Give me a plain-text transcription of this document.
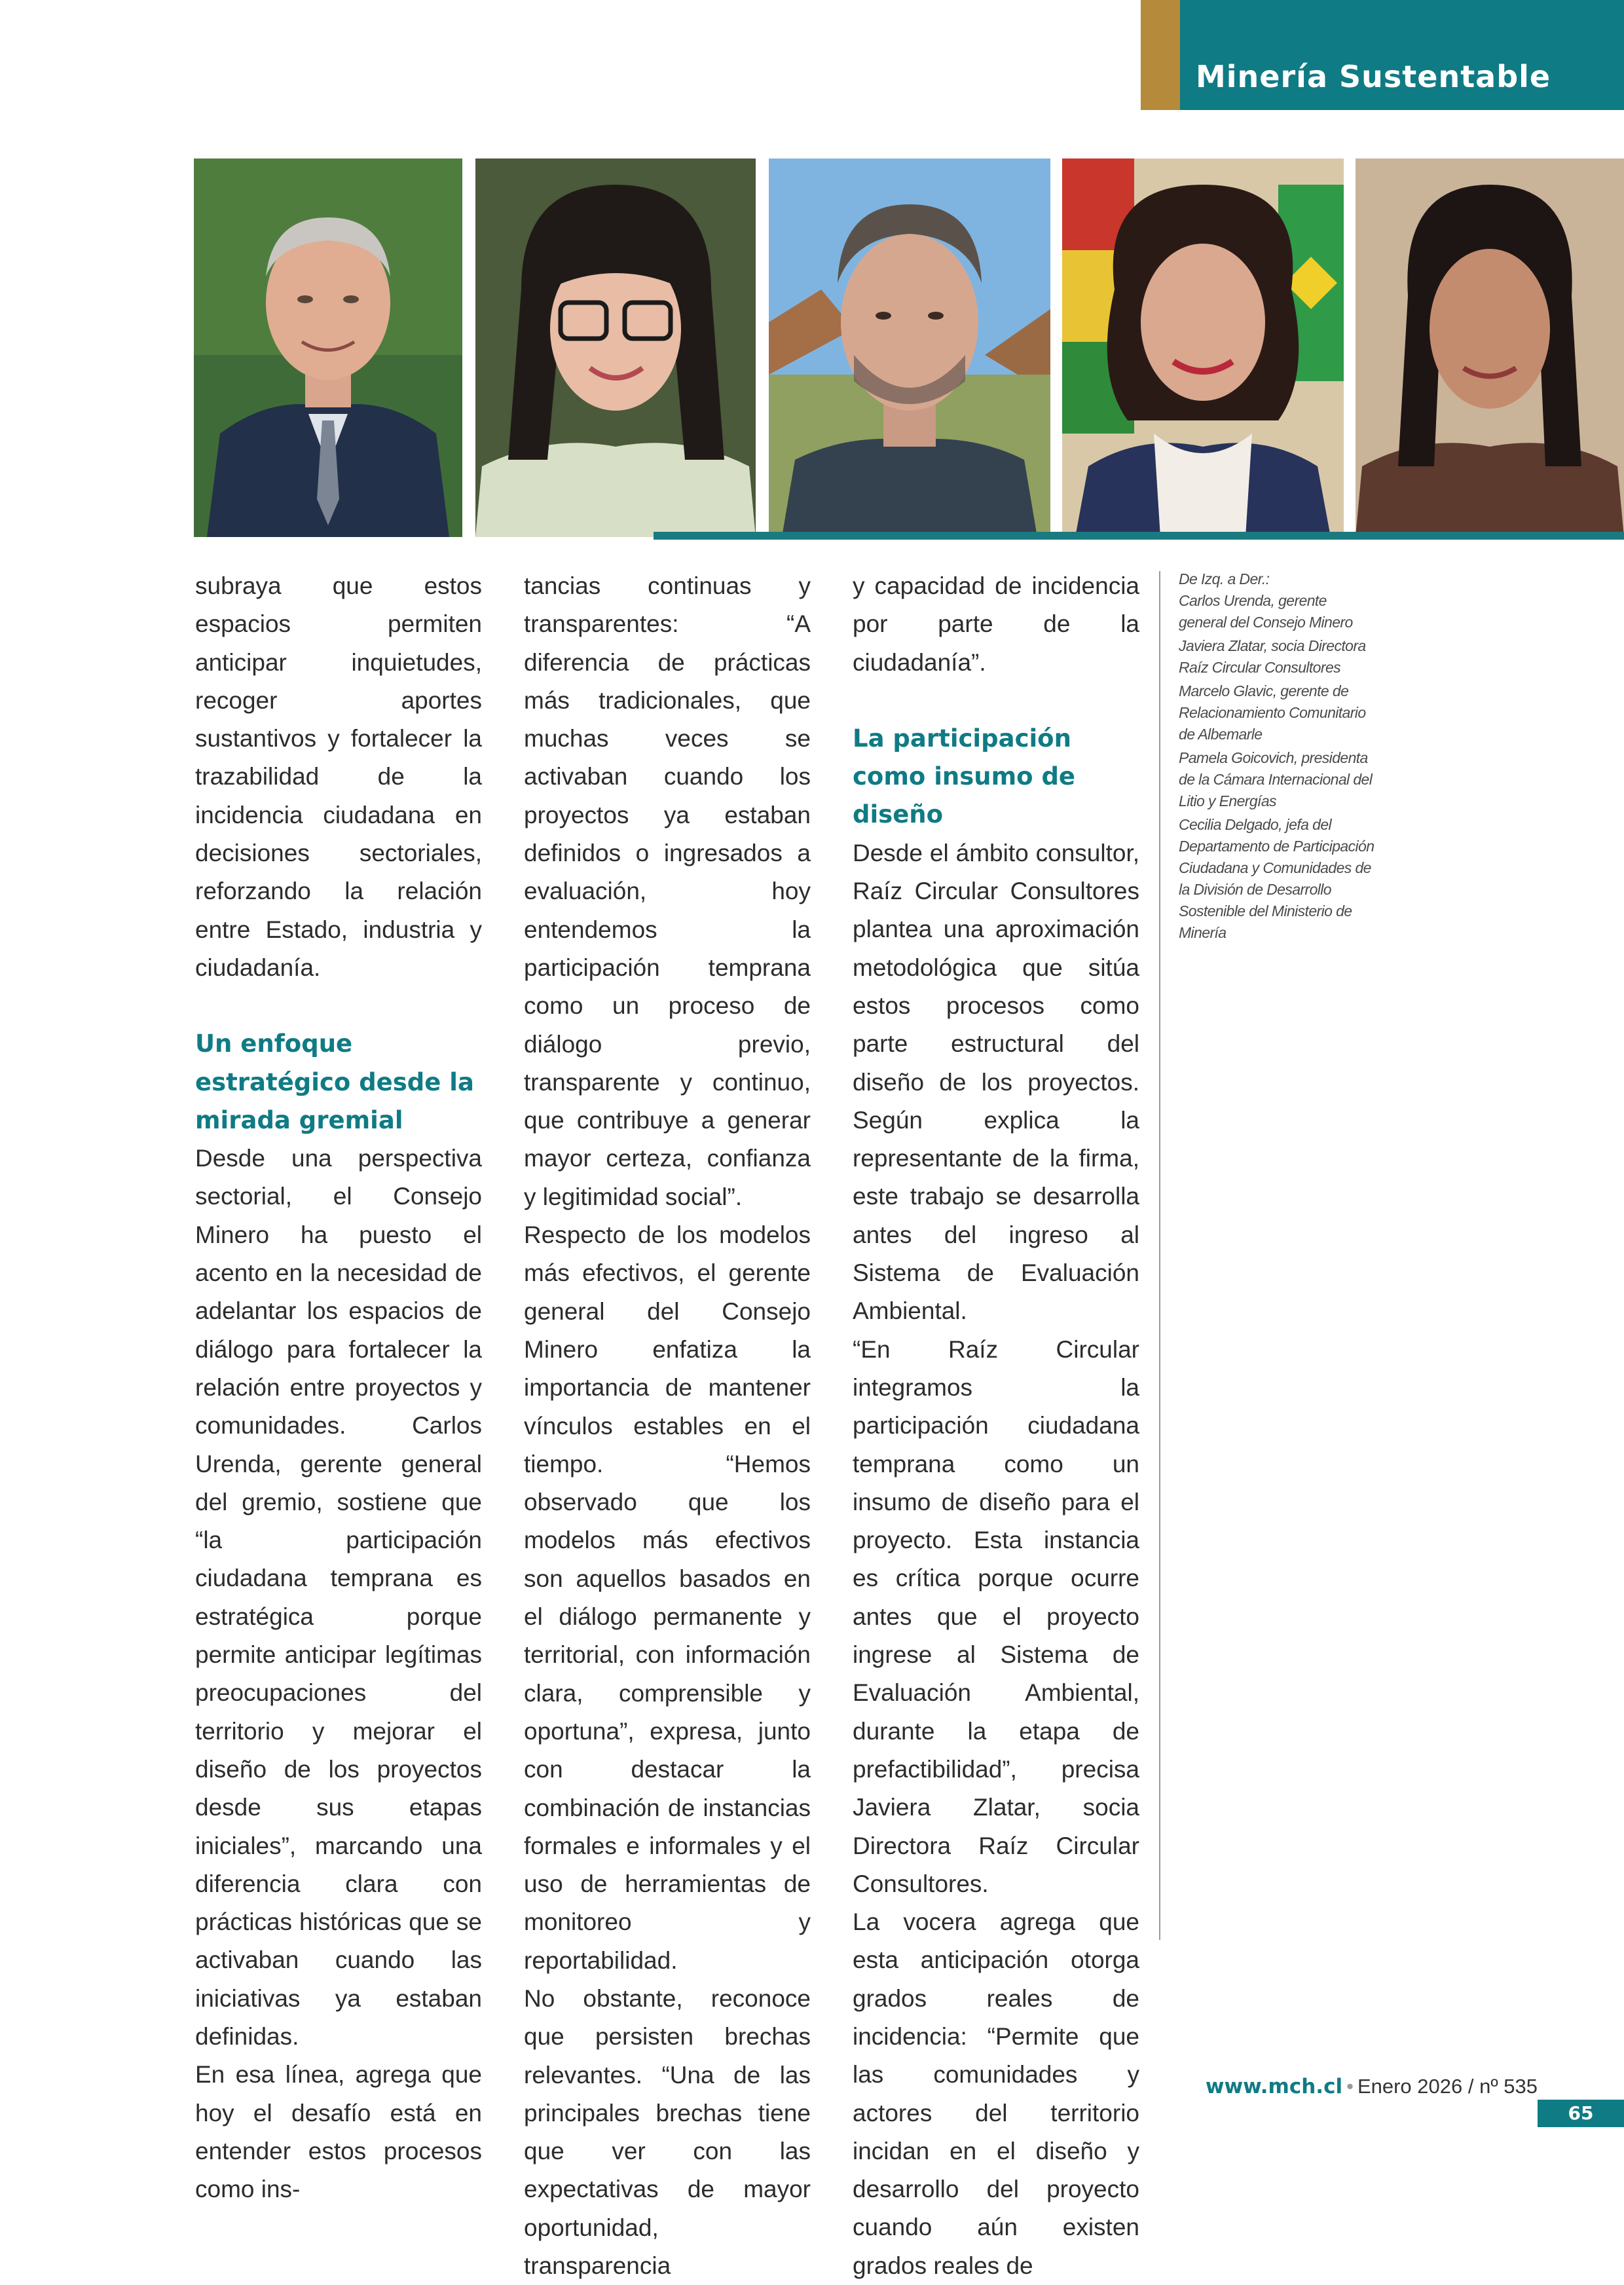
Minería Sustentable

subraya que estos espacios permiten anticipar inquietudes, recoger aportes sustantivos y fortalecer la trazabilidad de la incidencia ciudadana en decisiones sectoriales, reforzando la relación entre Estado, industria y ciudadanía.

Un enfoque estratégico desde la mirada gremial

Desde una perspectiva sectorial, el Consejo Minero ha puesto el acento en la necesidad de adelantar los espacios de diálogo para fortalecer la relación entre proyectos y comunidades. Carlos Urenda, gerente general del gremio, sostiene que “la participación ciudadana temprana es estratégica porque permite anticipar legítimas preocupaciones del territorio y mejorar el diseño de los proyectos desde sus etapas iniciales”, marcando una diferencia clara con prácticas históricas que se activaban cuando las iniciativas ya estaban definidas.

En esa línea, agrega que hoy el desafío está en entender estos procesos como ins-

tancias continuas y transparentes: “A diferencia de prácticas más tradicionales, que muchas veces se activaban cuando los proyectos ya estaban definidos o ingresados a evaluación, hoy entendemos la participación temprana como un proceso de diálogo previo, transparente y continuo, que contribuye a generar mayor certeza, confianza y legitimidad social”.

Respecto de los modelos más efectivos, el gerente general del Consejo Minero enfatiza la importancia de mantener vínculos estables en el tiempo. “Hemos observado que los modelos más efectivos son aquellos basados en el diálogo permanente y territorial, con información clara, comprensible y oportuna”, expresa, junto con destacar la combinación de instancias formales e informales y el uso de herramientas de monitoreo y reportabilidad.

No obstante, reconoce que persisten brechas relevantes. “Una de las principales brechas tiene que ver con las expectativas de mayor oportunidad, transparencia

y capacidad de incidencia por parte de la ciudadanía”.

La participación como insumo de diseño

Desde el ámbito consultor, Raíz Circular Consultores plantea una aproximación metodológica que sitúa estos procesos como parte estructural del diseño de los proyectos. Según explica la representante de la firma, este trabajo se desarrolla antes del ingreso al Sistema de Evaluación Ambiental.

“En Raíz Circular integramos la participación ciudadana temprana como un insumo de diseño para el proyecto. Esta instancia es crítica porque ocurre antes que el proyecto ingrese al Sistema de Evaluación Ambiental, durante la etapa de prefactibilidad”, precisa Javiera Zlatar, socia Directora Raíz Circular Consultores.

La vocera agrega que esta anticipación otorga grados reales de incidencia: “Permite que las comunidades y actores del territorio incidan en el diseño y desarrollo del proyecto cuando aún existen grados reales de

De Izq. a Der.:

Carlos Urenda, gerente general del Consejo Minero

Javiera Zlatar, socia Directora Raíz Circular Consultores

Marcelo Glavic, gerente de Relacionamiento Comunitario de Albemarle

Pamela Goicovich, presidenta de la Cámara Internacional del Litio y Energías

Cecilia Delgado, jefa del Departamento de Participación Ciudadana y Comunidades de la División de Desarrollo Sostenible del Ministerio de Minería

www.mch.cl • Enero 2026 / nº 535
65
